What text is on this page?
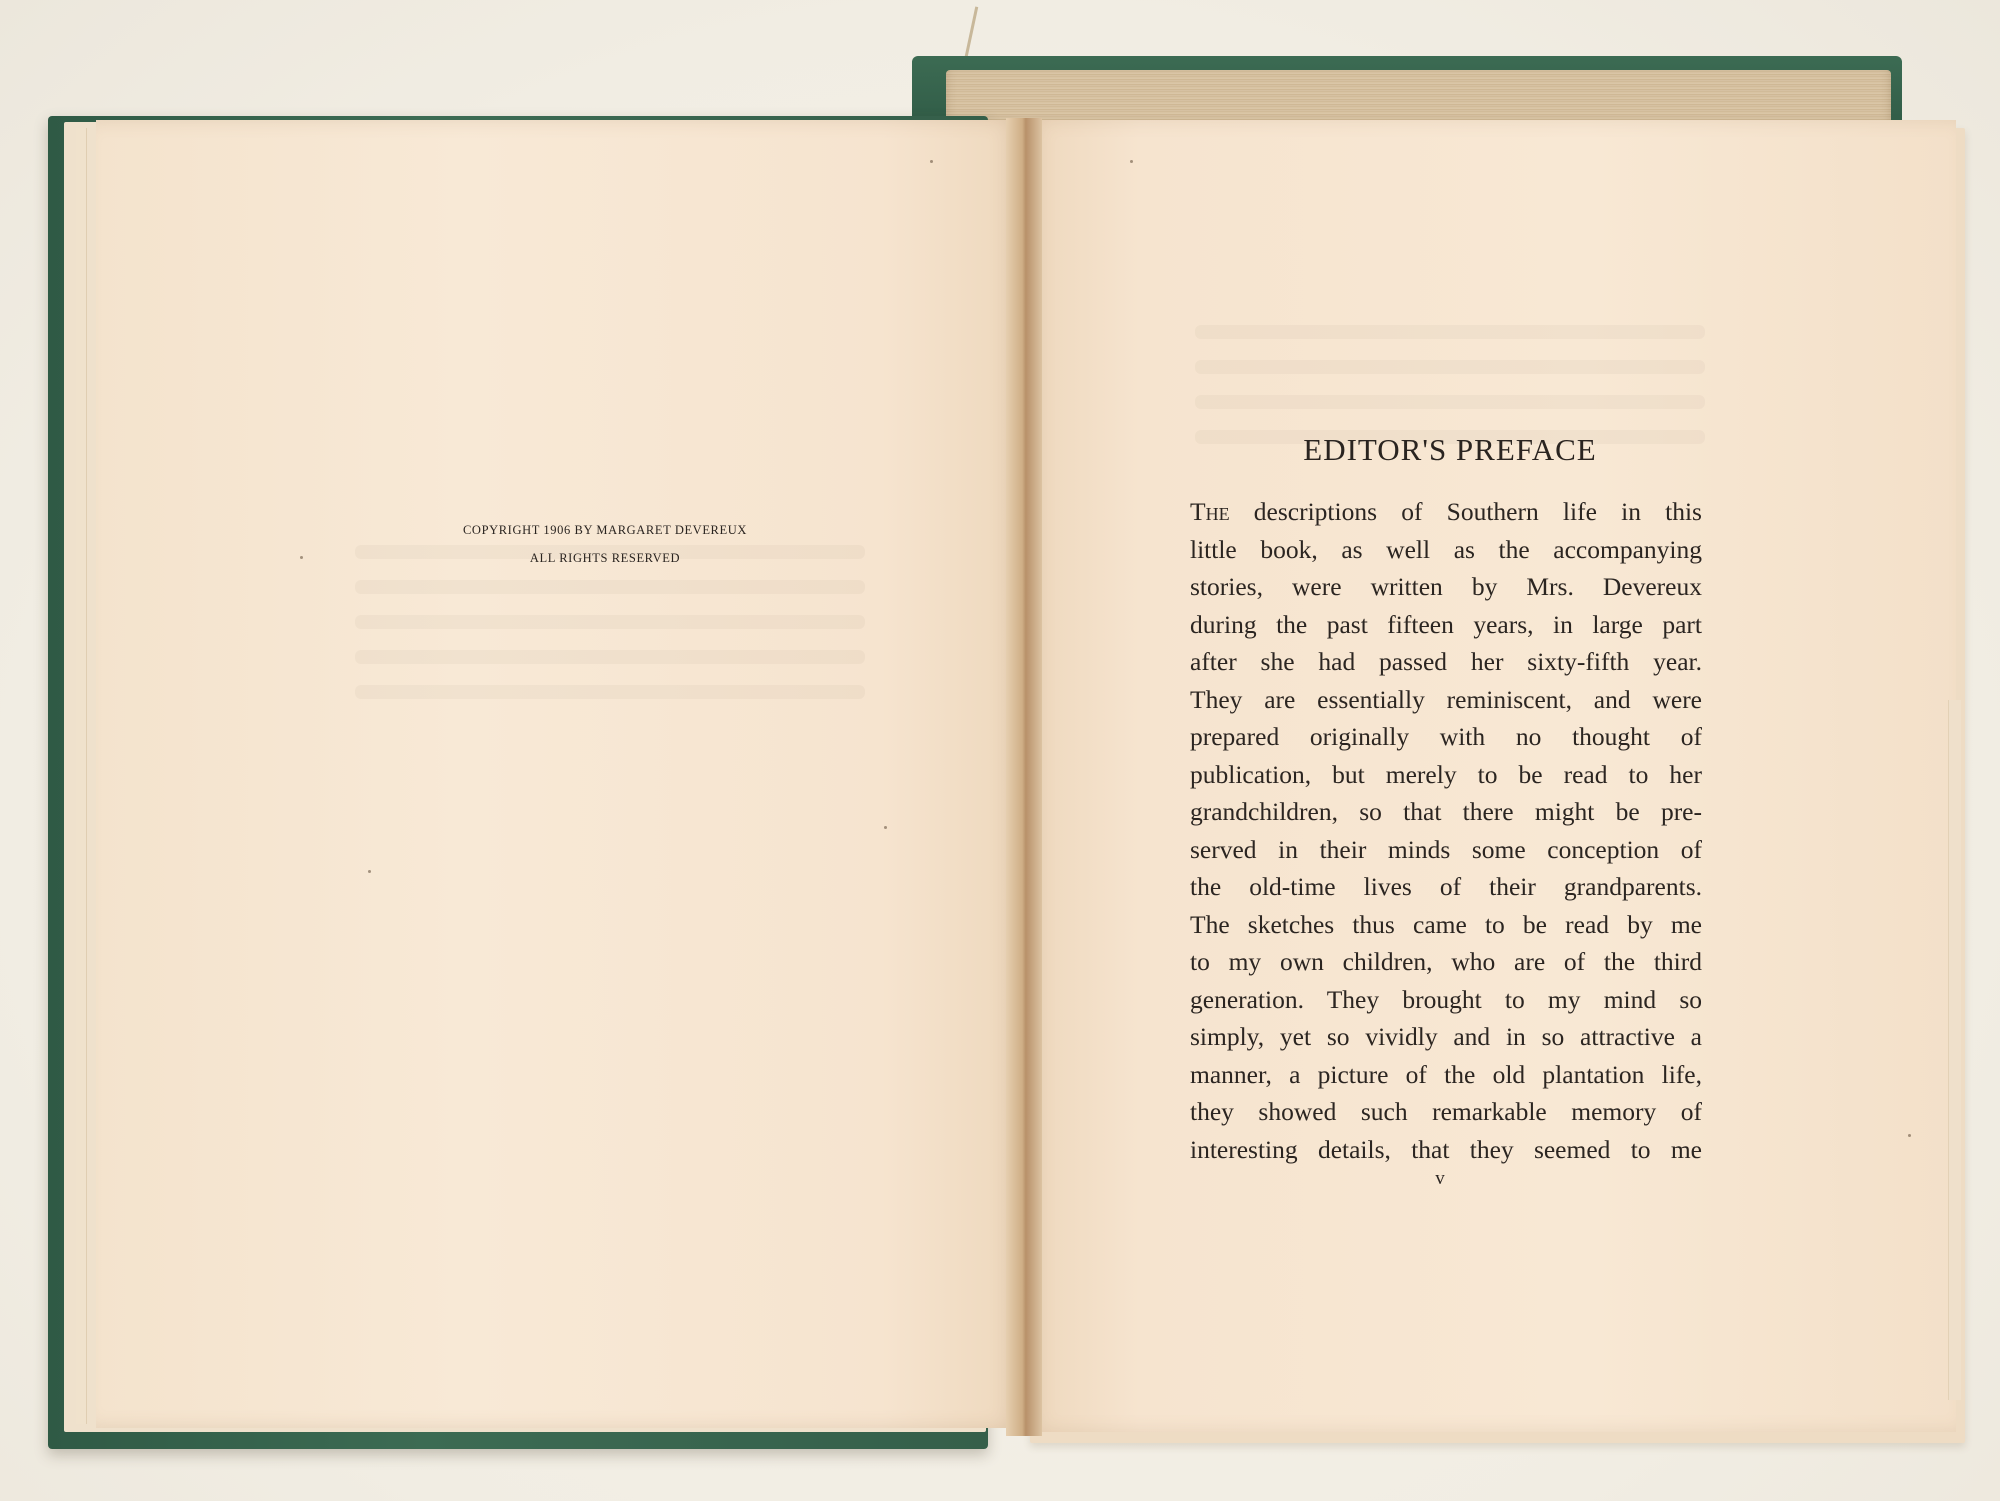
COPYRIGHT 1906 BY MARGARET DEVEREUX
ALL RIGHTS RESERVED
EDITOR'S PREFACE
The descriptions of Southern life in this
little book, as well as the accompanying
stories, were written by Mrs. Devereux
during the past fifteen years, in large part
after she had passed her sixty-fifth year.
They are essentially reminiscent, and were
prepared originally with no thought of
publication, but merely to be read to her
grandchildren, so that there might be pre-
served in their minds some conception of
the old-time lives of their grandparents.
The sketches thus came to be read by me
to my own children, who are of the third
generation. They brought to my mind so
simply, yet so vividly and in so attractive a
manner, a picture of the old plantation life,
they showed such remarkable memory of
interesting details, that they seemed to me
v
